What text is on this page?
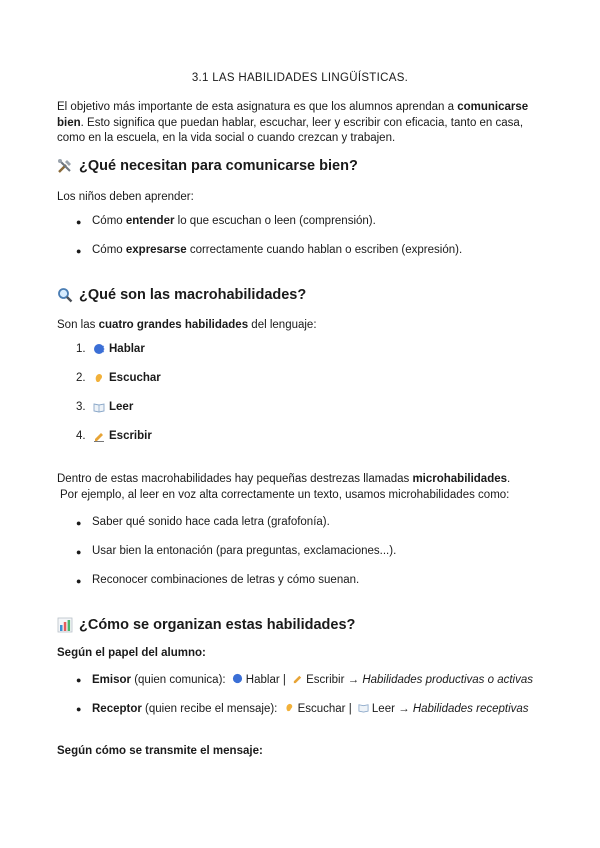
3.1 LAS HABILIDADES LINGÜÍSTICAS.
El objetivo más importante de esta asignatura es que los alumnos aprendan a comunicarse bien. Esto significa que puedan hablar, escuchar, leer y escribir con eficacia, tanto en casa, como en la escuela, en la vida social o cuando crezcan y trabajen.
¿Qué necesitan para comunicarse bien?
Los niños deben aprender:
● Cómo entender lo que escuchan o leen (comprensión).
● Cómo expresarse correctamente cuando hablan o escriben (expresión).
¿Qué son las macrohabilidades?
Son las cuatro grandes habilidades del lenguaje:
1.	Hablar
2.	Escuchar
3.	Leer
4.	Escribir
Dentro de estas macrohabilidades hay pequeñas destrezas llamadas microhabilidades.
Por ejemplo, al leer en voz alta correctamente un texto, usamos microhabilidades como:
● Saber qué sonido hace cada letra (grafofonía).
● Usar bien la entonación (para preguntas, exclamaciones...).
● Reconocer combinaciones de letras y cómo suenan.
¿Cómo se organizan estas habilidades?
Según el papel del alumno:
● Emisor (quien comunica): Hablar | Escribir → Habilidades productivas o activas
● Receptor (quien recibe el mensaje): Escuchar | Leer → Habilidades receptivas
Según cómo se transmite el mensaje:
